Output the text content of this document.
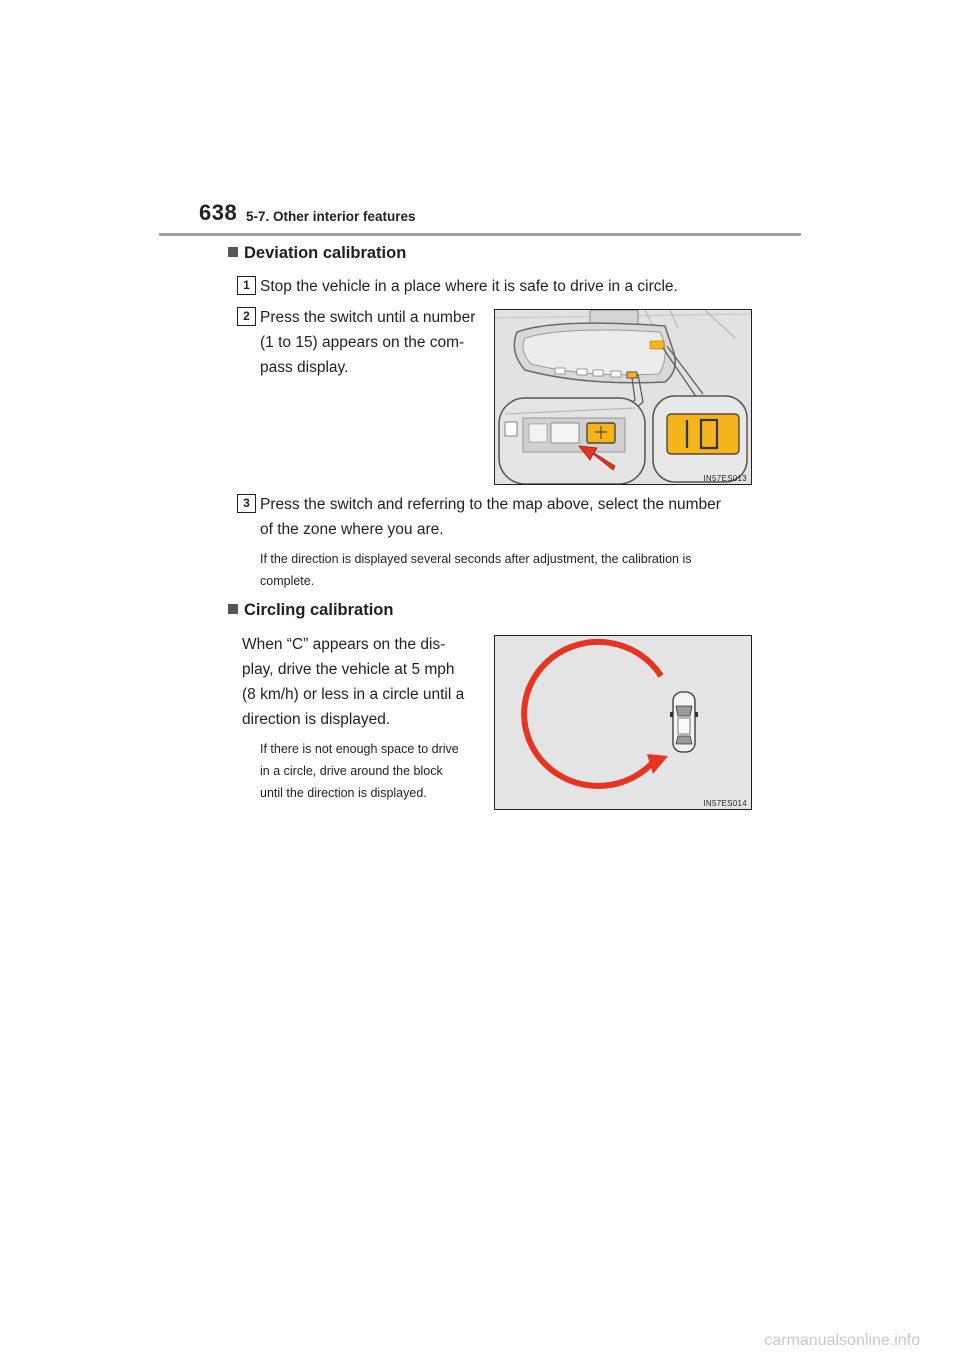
638 5-7. Other interior features
Deviation calibration
1 Stop the vehicle in a place where it is safe to drive in a circle.
2 Press the switch until a number
(1 to 15) appears on the com-
pass display.
IN57ES013
3 Press the switch and referring to the map above, select the number
of the zone where you are.
If the direction is displayed several seconds after adjustment, the calibration is
complete.
Circling calibration
When “C” appears on the dis-
play, drive the vehicle at 5 mph
(8 km/h) or less in a circle until a
direction is displayed.
If there is not enough space to drive
in a circle, drive around the block
until the direction is displayed.
IN57ES014
carmanualsonline.info
